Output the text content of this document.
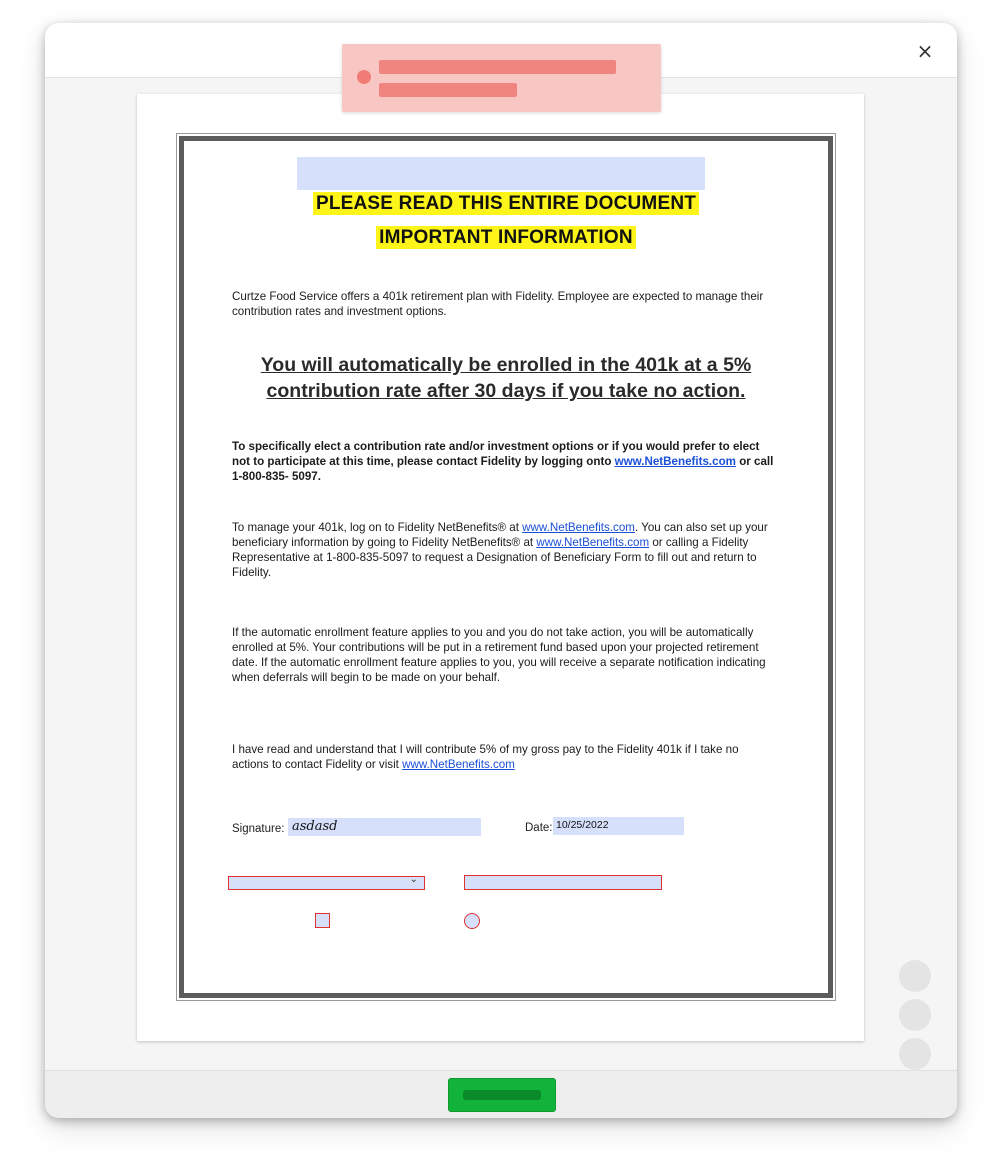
×
PLEASE READ THIS ENTIRE DOCUMENT
IMPORTANT INFORMATION
Curtze Food Service offers a 401k retirement plan with Fidelity. Employee are expected to manage their contribution rates and investment options.
You will automatically be enrolled in the 401k at a 5% contribution rate after 30 days if you take no action.
To specifically elect a contribution rate and/or investment options or if you would prefer to elect not to participate at this time, please contact Fidelity by logging onto www.NetBenefits.com or call 1-800-835- 5097.
To manage your 401k, log on to Fidelity NetBenefits® at www.NetBenefits.com. You can also set up your beneficiary information by going to Fidelity NetBenefits® at www.NetBenefits.com or calling a Fidelity Representative at 1-800-835-5097 to request a Designation of Beneficiary Form to fill out and return to Fidelity.
If the automatic enrollment feature applies to you and you do not take action, you will be automatically enrolled at 5%. Your contributions will be put in a retirement fund based upon your projected retirement date. If the automatic enrollment feature applies to you, you will receive a separate notification indicating when deferrals will begin to be made on your behalf.
I have read and understand that I will contribute 5% of my gross pay to the Fidelity 401k if I take no actions to contact Fidelity or visit www.NetBenefits.com
Signature: asdasd	Date: 10/25/2022
⌄
